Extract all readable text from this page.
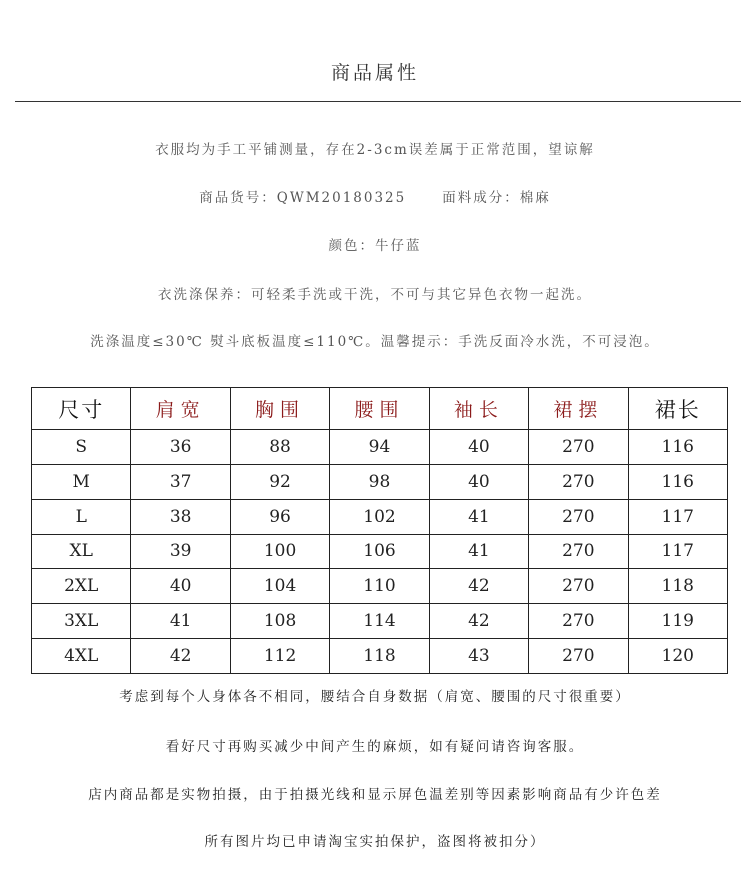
商品属性
衣服均为手工平铺测量，存在2-3cm误差属于正常范围，望谅解
商品货号：QWM20180325	面料成分：棉麻
颜色：牛仔蓝
衣洗涤保养：可轻柔手洗或干洗，不可与其它异色衣物一起洗。
洗涤温度≤30℃ 熨斗底板温度≤110℃。温馨提示：手洗反面冷水洗，不可浸泡。
尺寸	肩宽	胸围	腰围	袖长	裙摆	裙长
S	36	88	94	40	270	116
M	37	92	98	40	270	116
L	38	96	102	41	270	117
XL	39	100	106	41	270	117
2XL	40	104	110	42	270	118
3XL	41	108	114	42	270	119
4XL	42	112	118	43	270	120
考虑到每个人身体各不相同，腰结合自身数据（肩宽、腰围的尺寸很重要）
看好尺寸再购买减少中间产生的麻烦，如有疑问请咨询客服。
店内商品都是实物拍摄，由于拍摄光线和显示屏色温差别等因素影响商品有少许色差
所有图片均已申请淘宝实拍保护，盗图将被扣分）
